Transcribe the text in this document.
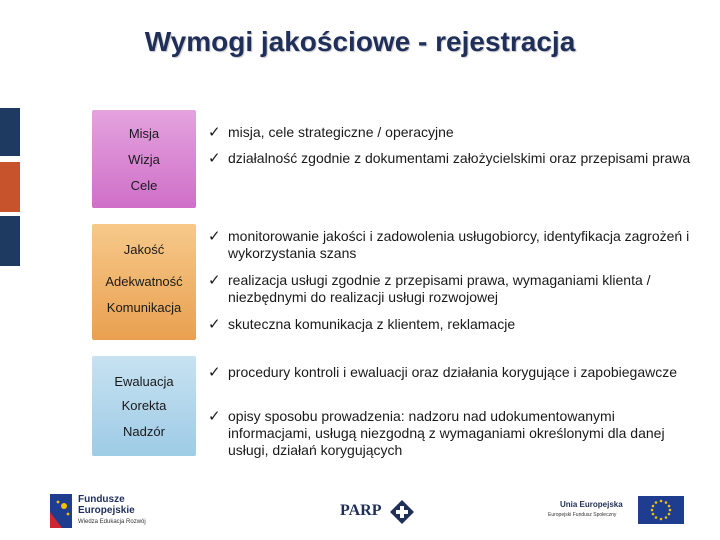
Wymogi jakościowe - rejestracja
Misja
Wizja
Cele
Jakość
Adekwatność
Komunikacja
Ewaluacja
Korekta
Nadzór
✓ misja, cele strategiczne / operacyjne
✓ działalność zgodnie z dokumentami założycielskimi oraz przepisami prawa
✓ monitorowanie jakości i zadowolenia usługobiorcy, identyfikacja zagrożeń i wykorzystania szans
✓ realizacja usługi zgodnie z przepisami prawa, wymaganiami klienta / niezbędnymi do realizacji usługi rozwojowej
✓ skuteczna komunikacja z klientem, reklamacje
✓ procedury kontroli i ewaluacji oraz działania korygujące i zapobiegawcze
✓ opisy sposobu prowadzenia: nadzoru nad udokumentowanymi informacjami, usługą niezgodną z wymaganiami określonymi dla danej usługi, działań korygujących
Fundusze
Europejskie
Wiedza Edukacja Rozwój
PARP	Unia Europejska
Europejski Fundusz Społeczny
